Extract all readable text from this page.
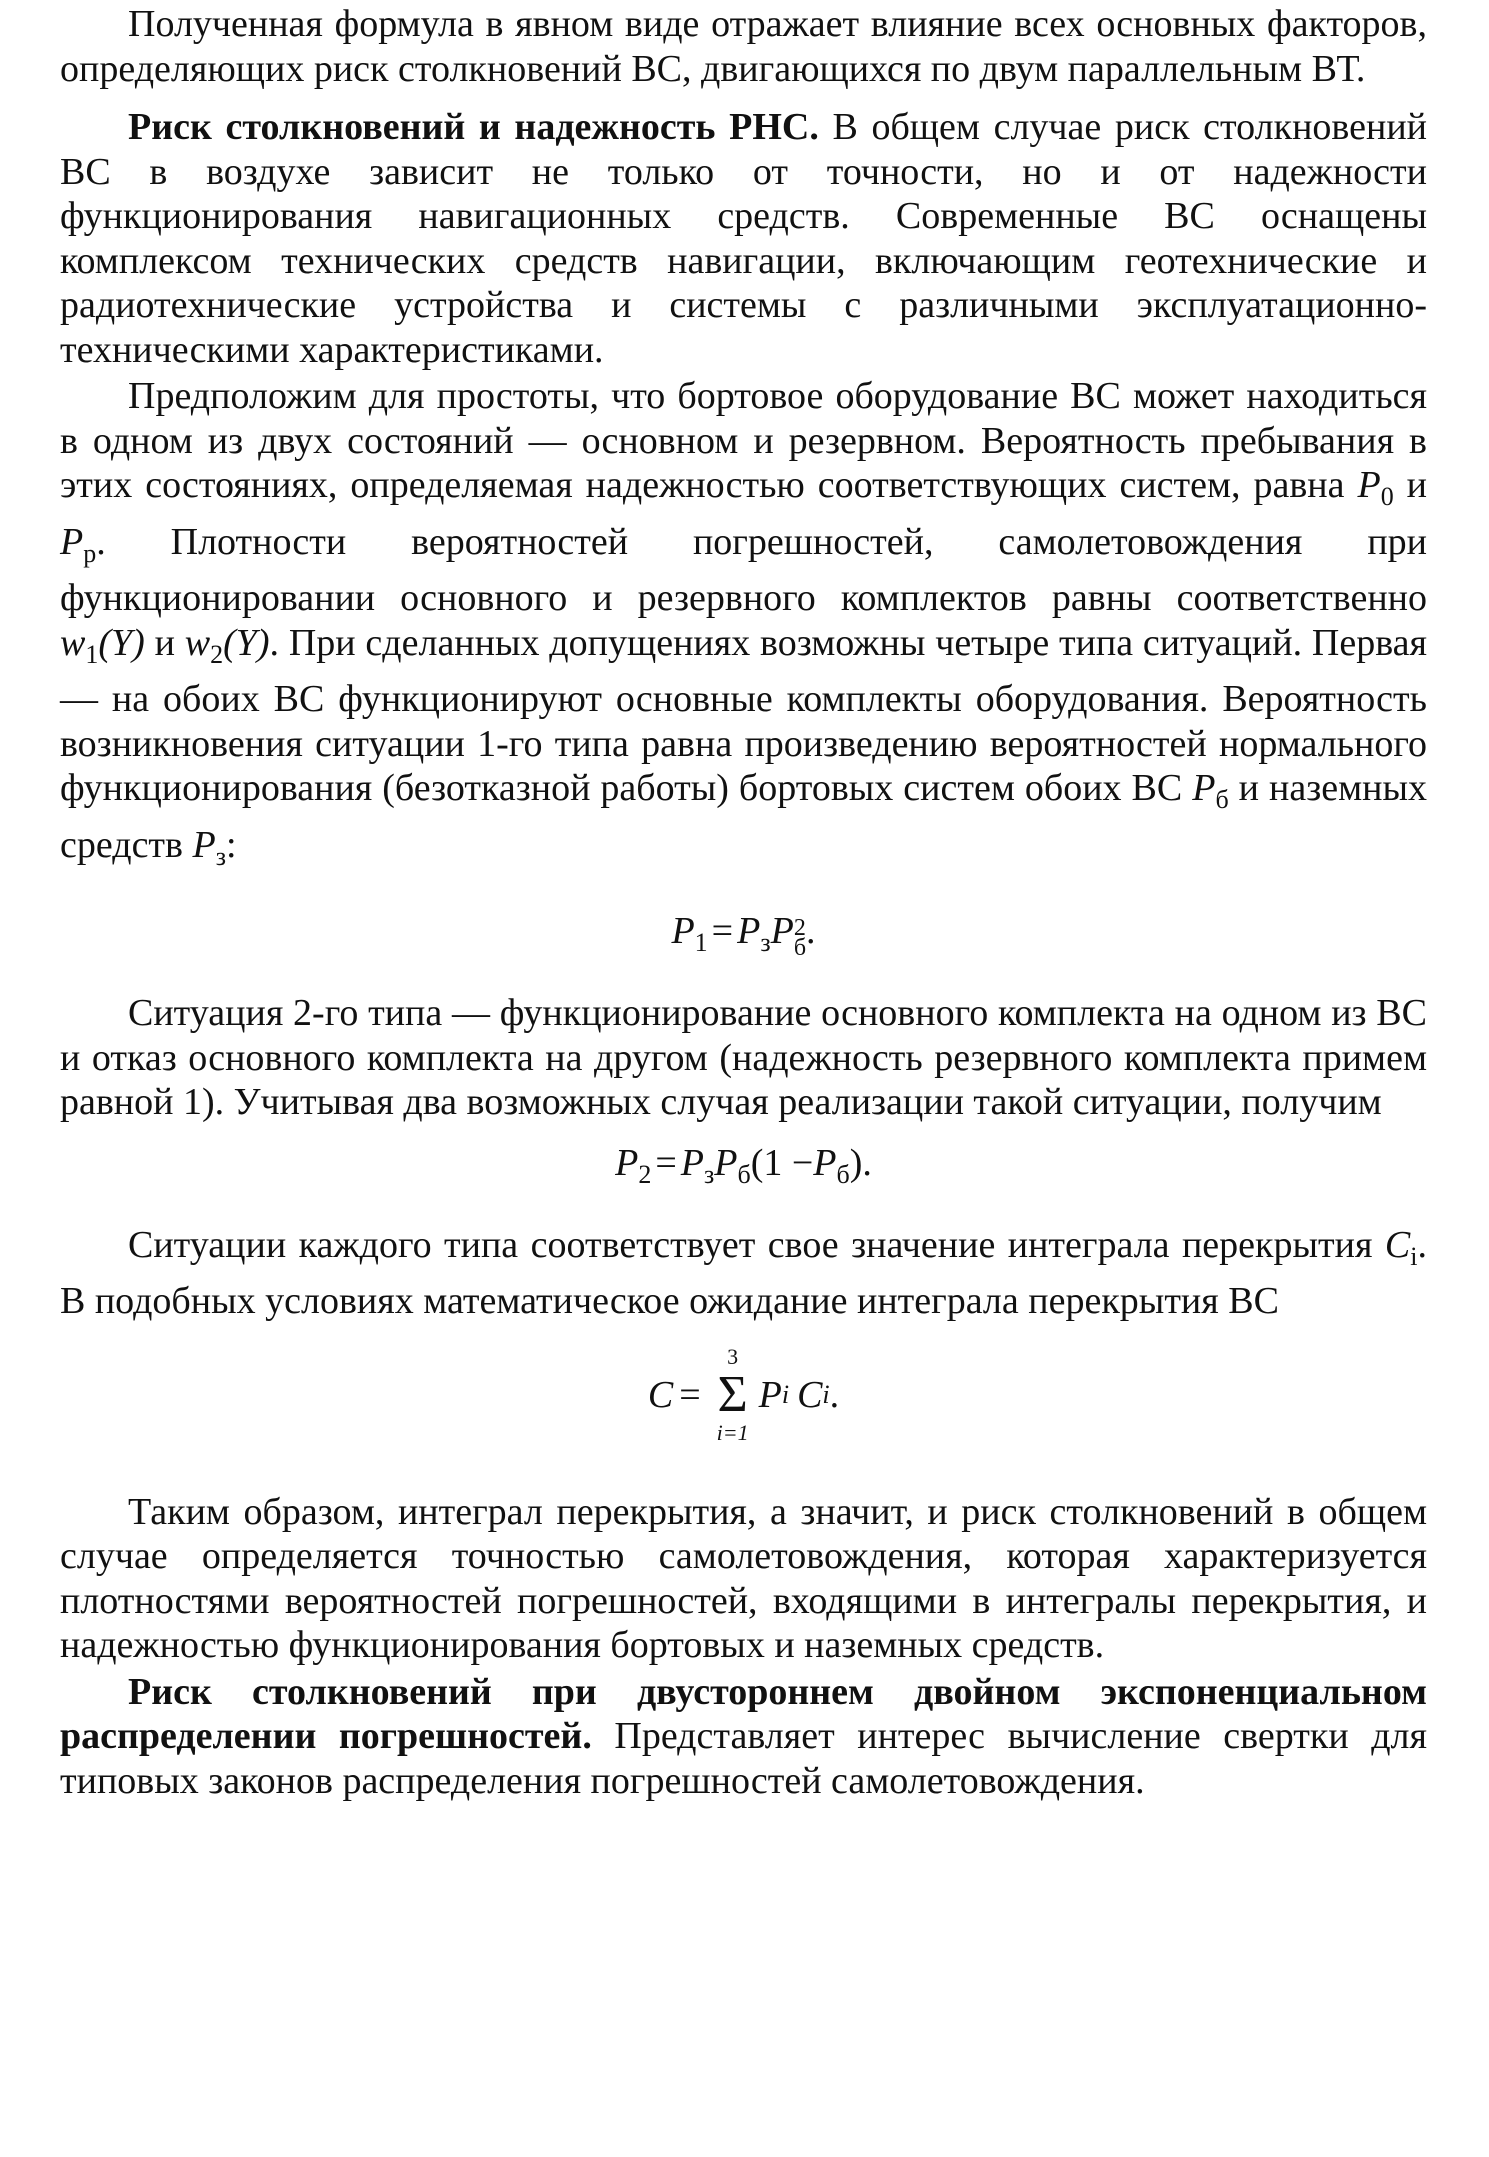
Полученная формула в явном виде отражает влияние всех основных факторов, определяющих риск столкновений ВС, двигающихся по двум параллельным ВТ.

Риск столкновений и надежность РНС. В общем случае риск столкновений ВС в воздухе зависит не только от точности, но и от надежности функционирования навигационных средств. Современные ВС оснащены комплексом технических средств навигации, включающим геотехнические и радиотехнические устройства и системы с различными эксплуатационно-техническими характеристиками.

Предположим для простоты, что бортовое оборудование ВС может находиться в одном из двух состояний — основном и резервном. Вероятность пребывания в этих состояниях, определяемая надежностью соответствующих систем, равна $P_0$ и $P_р$. Плотности вероятностей погрешностей, самолетовождения при функционировании основного и резервного комплектов равны соответственно $w_1(Y)$ и $w_2(Y)$. При сделанных допущениях возможны четыре типа ситуаций. Первая — на обоих ВС функционируют основные комплекты оборудования. Вероятность возникновения ситуации 1-го типа равна произведению вероятностей нормального функционирования (безотказной работы) бортовых систем обоих ВС $P_б$ и наземных средств $P_з$:

$P_1 = P_зP$ 2
б .

Ситуация 2-го типа — функционирование основного комплекта на одном из ВС и отказ основного комплекта на другом (надежность резервного комплекта примем равной 1). Учитывая два возможных случая реализации такой ситуации, получим

$P_2 = P_зP_б(1 -P_б)$.

Ситуации каждого типа соответствует свое значение интеграла перекрытия $C_i$. В подобных условиях математическое ожидание интеграла перекрытия ВС

C =
3
Σ
i=1
P i C i .

Таким образом, интеграл перекрытия, а значит, и риск столкновений в общем случае определяется точностью самолетовождения, которая характеризуется плотностями вероятностей погрешностей, входящими в интегралы перекрытия, и надежностью функционирования бортовых и наземных средств.

Риск столкновений при двустороннем двойном экспоненциальном распределении погрешностей. Представляет интерес вычисление свертки для типовых законов распределения погрешностей самолетовождения.
